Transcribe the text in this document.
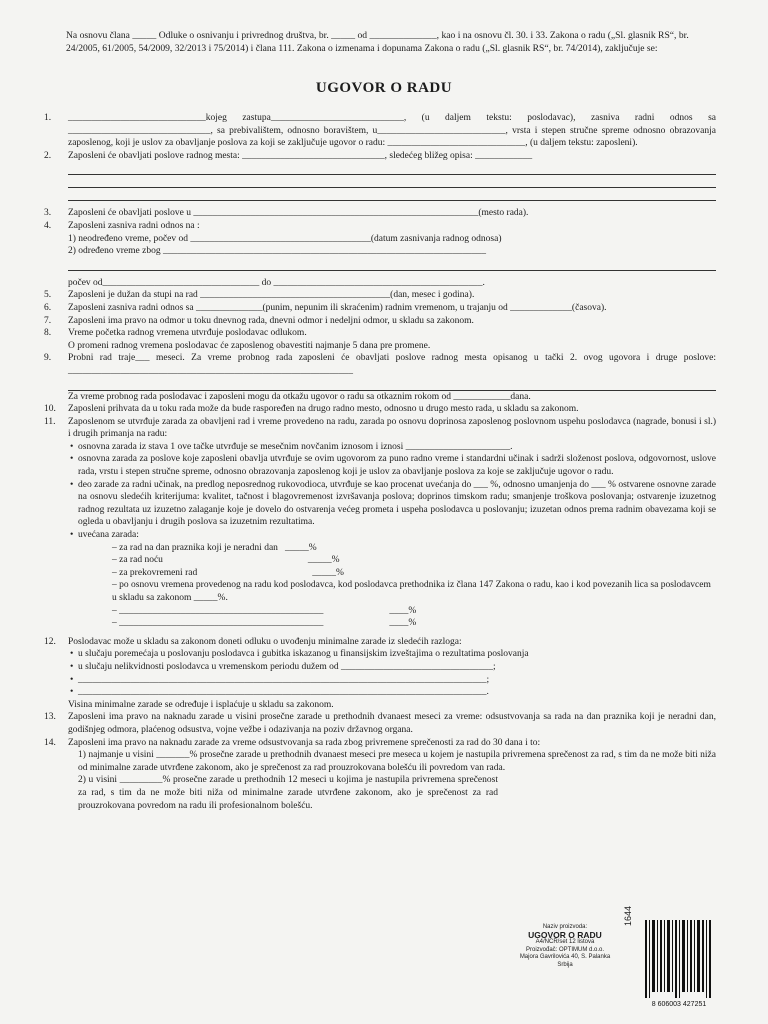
Na osnovu člana _____ Odluke o osnivanju i privrednog društva, br. _____ od ______________, kao i na osnovu čl. 30. i 33. Zakona o radu („Sl. glasnik RS“, br. 24/2005, 61/2005, 54/2009, 32/2013 i 75/2014) i člana 111. Zakona o izmenama i dopunama Zakona o radu („Sl. glasnik RS“, br. 74/2014), zaključuje se:
UGOVOR O RADU
1. _____________________________kojeg zastupa____________________________, (u daljem tekstu: poslodavac), zasniva radni odnos sa ______________________________, sa prebivalištem, odnosno boravištem, u___________________________, vrsta i stepen stručne spreme odnosno obrazovanja zaposlenog, koji je uslov za obavljanje poslova za koji se zaključuje ugovor o radu: _____________________________, (u daljem tekstu: zaposleni).
2. Zaposleni će obavljati poslove radnog mesta: ______________________________, sledećeg bližeg opisa: ____________
3. Zaposleni će obavljati poslove u ____________________________________________________________(mesto rada).
4. Zaposleni zasniva radni odnos na :
1) neodređeno vreme, počev od ______________________________________(datum zasnivanja radnog odnosa)
2) određeno vreme zbog ____________________________________________________________________
počev od_________________________________ do ____________________________________________.
5. Zaposleni je dužan da stupi na rad ________________________________________(dan, mesec i godina).
6. Zaposleni zasniva radni odnos sa ______________(punim, nepunim ili skraćenim) radnim vremenom, u trajanju od _____________(časova).
7. Zaposleni ima pravo na odmor u toku dnevnog rada, dnevni odmor i nedeljni odmor, u skladu sa zakonom.
8. Vreme početka radnog vremena utvrđuje poslodavac odlukom.
O promeni radnog vremena poslodavac će zaposlenog obavestiti najmanje 5 dana pre promene.
9. Probni rad traje___ meseci. Za vreme probnog rada zaposleni će obavljati poslove radnog mesta opisanog u tački 2. ovog ugovora i druge poslove: ____________________________________________________________
Za vreme probnog rada poslodavac i zaposleni mogu da otkažu ugovor o radu sa otkaznim rokom od ____________dana.
10. Zaposleni prihvata da u toku rada može da bude raspoređen na drugo radno mesto, odnosno u drugo mesto rada, u skladu sa zakonom.
11. Zaposlenom se utvrđuje zarada za obavljeni rad i vreme provedeno na radu, zarada po osnovu doprinosa zaposlenog poslovnom uspehu poslodavca (nagrade, bonusi i sl.) i drugih primanja na radu:
• osnovna zarada iz stava 1 ove tačke utvrđuje se mesečnim novčanim iznosom i iznosi ______________________.
• osnovna zarada za poslove koje zaposleni obavlja utvrđuje se ovim ugovorom za puno radno vreme i standardni učinak i sadrži složenost poslova, odgovornost, uslove rada, vrstu i stepen stručne spreme, odnosno obrazovanja zaposlenog koji je uslov za obavljanje poslova za koje se zaključuje ugovor o radu.
• deo zarade za radni učinak, na predlog neposrednog rukovodioca, utvrđuje se kao procenat uvećanja do ___ %, odnosno umanjenja do ___ % ostvarene osnovne zarade na osnovu sledećih kriterijuma: kvalitet, tačnost i blagovremenost izvršavanja poslova; doprinos timskom radu; smanjenje troškova poslovanja; ostvarenje izuzetnog radnog rezultata uz izuzetno zalaganje koje je dovelo do ostvarenja većeg prometa i uspeha poslodavca u poslovanju; izuzetan odnos prema radnim obavezama koji se ogleda u obavljanju i drugih poslova sa izuzetnim rezultatima.
• uvećana zarada:
– za rad na dan praznika koji je neradni dan _____%
– za rad noću	_____%
– za prekovremeni rad	_____%
– po osnovu vremena provedenog na radu kod poslodavca, kod poslodavca prethodnika iz člana 147 Zakona o radu, kao i kod povezanih lica sa poslodavcem u skladu sa zakonom _____%.
– ___________________________________________	____%
– ___________________________________________	____%
12. Poslodavac može u skladu sa zakonom doneti odluku o uvođenju minimalne zarade iz sledećih razloga:
• u slučaju poremećaja u poslovanju poslodavca i gubitka iskazanog u finansijskim izveštajima o rezultatima poslovanja
• u slučaju nelikvidnosti poslodavca u vremenskom periodu dužem od ________________________________;
• ______________________________________________________________________________________;
• ______________________________________________________________________________________.
Visina minimalne zarade se određuje i isplaćuje u skladu sa zakonom.
13. Zaposleni ima pravo na naknadu zarade u visini prosečne zarade u prethodnih dvanaest meseci za vreme: odsustvovanja sa rada na dan praznika koji je neradni dan, godišnjeg odmora, plaćenog odsustva, vojne vežbe i odazivanja na poziv državnog organa.
14. Zaposleni ima pravo na naknadu zarade za vreme odsustvovanja sa rada zbog privremene sprečenosti za rad do 30 dana i to:
1) najmanje u visini _______% prosečne zarade u prethodnih dvanaest meseci pre meseca u kojem je nastupila privremena sprečenost za rad, s tim da ne može biti niža od minimalne zarade utvrđene zakonom, ako je sprečenost za rad prouzrokovana bolešću ili povredom van rada.
2) u visini _________% prosečne zarade u prethodnih 12 meseci u kojima je nastupila privremena sprečenost za rad, s tim da ne može biti niža od minimalne zarade utvrđene zakonom, ako je sprečenost za rad prouzrokovana povredom na radu ili profesionalnom bolešću.
Naziv proizvoda:
UGOVOR O RADU
A4/NCR/set 12 listova
Proizvođač: OPTIMUM d.o.o.
Majora Gavrilovića 40, S. Palanka
Srbija
1644
8 606003 427251
